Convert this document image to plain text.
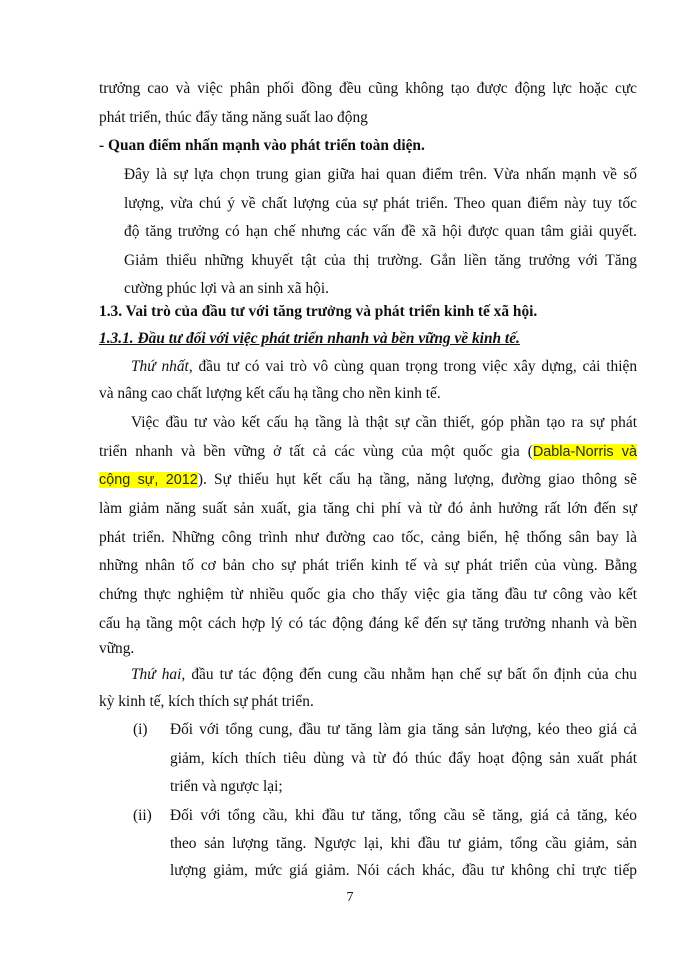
trưởng cao và việc phân phối đồng đều cũng không tạo được động lực hoặc cực
phát triển, thúc đẩy tăng năng suất lao động
- Quan điểm nhấn mạnh vào phát triển toàn diện.
Đây là sự lựa chọn trung gian giữa hai quan điểm trên. Vừa nhấn mạnh về số
lượng, vừa chú ý về chất lượng của sự phát triển. Theo quan điểm này tuy tốc
độ tăng trưởng có hạn chế nhưng các vấn đề xã hội được quan tâm giải quyết.
Giảm thiểu những khuyết tật của thị trường. Gắn liền tăng trưởng với Tăng
cường phúc lợi và an sinh xã hội.
1.3. Vai trò của đầu tư với tăng trưởng và phát triển kinh tế xã hội.
1.3.1. Đầu tư đối với việc phát triển nhanh và bền vững về kinh tế.
Thứ nhất, đầu tư có vai trò vô cùng quan trọng trong việc xây dựng, cải thiện
và nâng cao chất lượng kết cấu hạ tầng cho nền kinh tế.
Việc đầu tư vào kết cấu hạ tầng là thật sự cần thiết, góp phần tạo ra sự phát
triển nhanh và bền vững ở tất cả các vùng của một quốc gia (Dabla-Norris và
cộng sự, 2012). Sự thiếu hụt kết cấu hạ tầng, năng lượng, đường giao thông sẽ
làm giảm năng suất sản xuất, gia tăng chi phí và từ đó ảnh hưởng rất lớn đến sự
phát triển. Những công trình như đường cao tốc, cảng biển, hệ thống sân bay là
những nhân tố cơ bản cho sự phát triển kinh tế và sự phát triển của vùng. Bằng
chứng thực nghiệm từ nhiều quốc gia cho thấy việc gia tăng đầu tư công vào kết
cấu hạ tầng một cách hợp lý có tác động đáng kể đến sự tăng trưởng nhanh và bền
vững.
Thứ hai, đầu tư tác động đến cung cầu nhằm hạn chế sự bất ổn định của chu
kỳ kinh tế, kích thích sự phát triển.
(i) Đối với tổng cung, đầu tư tăng làm gia tăng sản lượng, kéo theo giá cả
giảm, kích thích tiêu dùng và từ đó thúc đẩy hoạt động sản xuất phát
triển và ngược lại;
(ii) Đối với tổng cầu, khi đầu tư tăng, tổng cầu sẽ tăng, giá cả tăng, kéo
theo sản lượng tăng. Ngược lại, khi đầu tư giảm, tổng cầu giảm, sản
lượng giảm, mức giá giảm. Nói cách khác, đầu tư không chỉ trực tiếp
7
